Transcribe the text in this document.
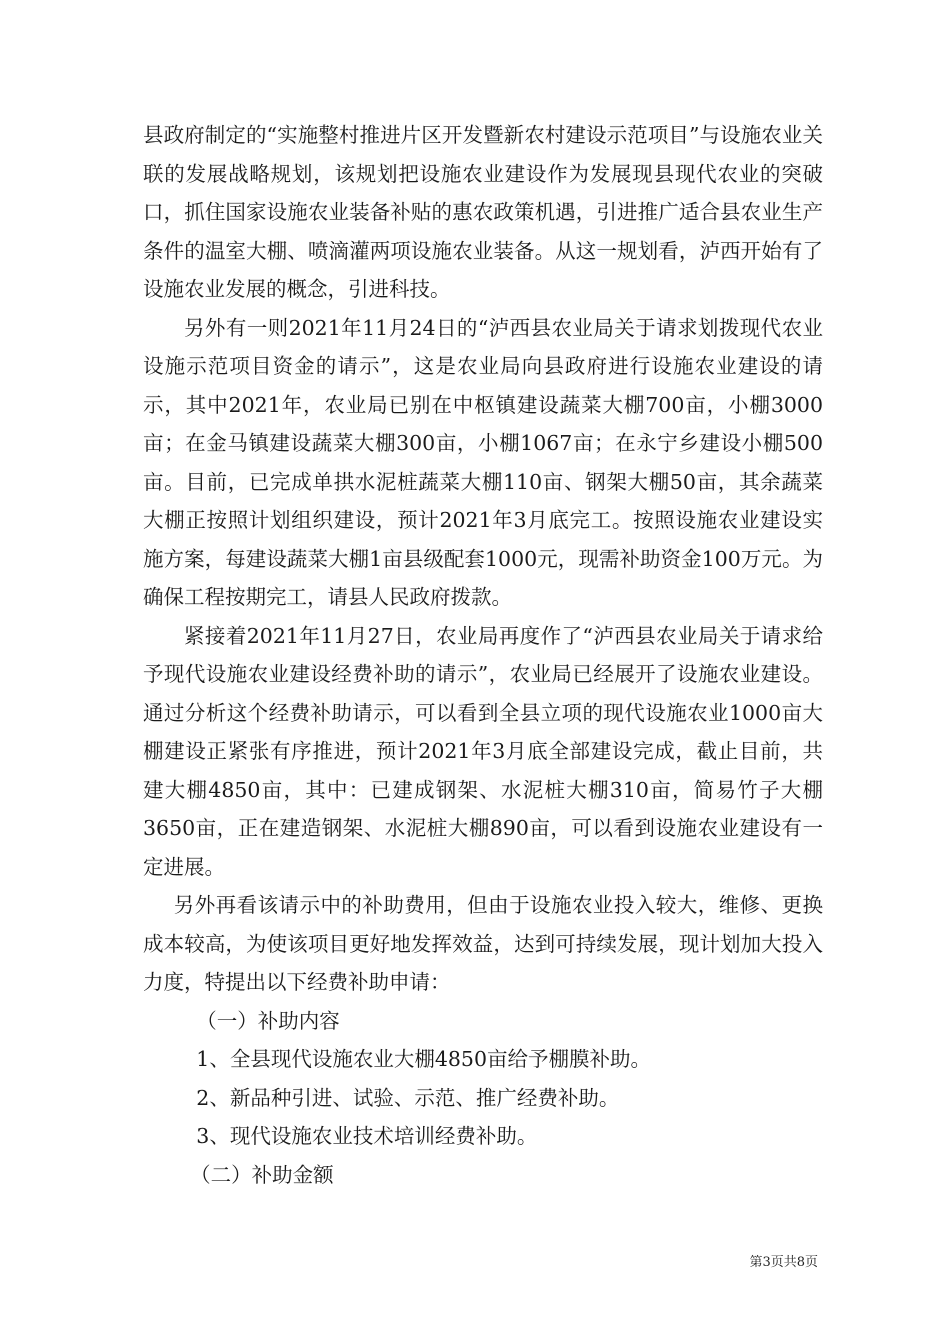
县政府制定的“实施整村推进片区开发暨新农村建设示范项目”与设施农业关联的发展战略规划，该规划把设施农业建设作为发展现县现代农业的突破口，抓住国家设施农业装备补贴的惠农政策机遇，引进推广适合县农业生产条件的温室大棚、喷滴灌两项设施农业装备。从这一规划看，泸西开始有了设施农业发展的概念，引进科技。

另外有一则2021年11月24日的“泸西县农业局关于请求划拨现代农业设施示范项目资金的请示”，这是农业局向县政府进行设施农业建设的请示，其中2021年，农业局已别在中枢镇建设蔬菜大棚700亩，小棚3000亩；在金马镇建设蔬菜大棚300亩，小棚1067亩；在永宁乡建设小棚500亩。目前，已完成单拱水泥桩蔬菜大棚110亩、钢架大棚50亩，其余蔬菜大棚正按照计划组织建设，预计2021年3月底完工。按照设施农业建设实施方案，每建设蔬菜大棚1亩县级配套1000元，现需补助资金100万元。为确保工程按期完工，请县人民政府拨款。

紧接着2021年11月27日，农业局再度作了“泸西县农业局关于请求给予现代设施农业建设经费补助的请示”，农业局已经展开了设施农业建设。通过分析这个经费补助请示，可以看到全县立项的现代设施农业1000亩大棚建设正紧张有序推进，预计2021年3月底全部建设完成，截止目前，共建大棚4850亩，其中：已建成钢架、水泥桩大棚310亩，简易竹子大棚3650亩，正在建造钢架、水泥桩大棚890亩，可以看到设施农业建设有一定进展。

另外再看该请示中的补助费用，但由于设施农业投入较大，维修、更换成本较高，为使该项目更好地发挥效益，达到可持续发展，现计划加大投入力度，特提出以下经费补助申请：

（一）补助内容

1、全县现代设施农业大棚4850亩给予棚膜补助。

2、新品种引进、试验、示范、推广经费补助。

3、现代设施农业技术培训经费补助。

（二）补助金额

第3页共8页
